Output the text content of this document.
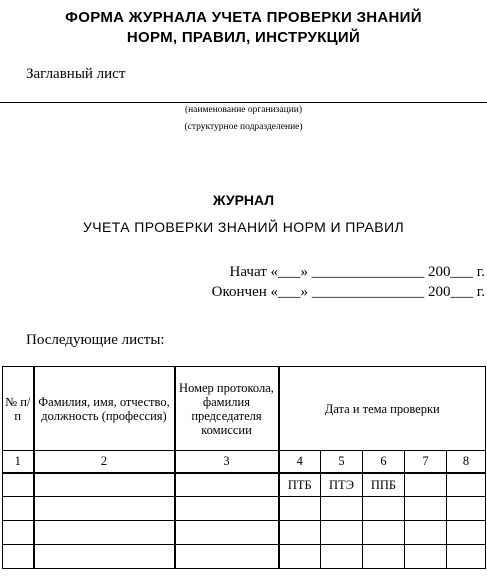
ФОРМА ЖУРНАЛА УЧЕТА ПРОВЕРКИ ЗНАНИЙ
НОРМ, ПРАВИЛ, ИНСТРУКЦИЙ
Заглавный лист
(наименование организации)
(структурное подразделение)
ЖУРНАЛ
УЧЕТА ПРОВЕРКИ ЗНАНИЙ НОРМ И ПРАВИЛ
Начат «___» _______________ 200___ г.
Окончен «___» _______________ 200___ г.
Последующие листы:
№ п/п	Фамилия, имя, отчество, должность (профессия)	Номер протокола, фамилия председателя комиссии	Дата и тема проверки				
1	2	3	4	5	6	7	8
			ПТБ	ПТЭ	ППБ		
